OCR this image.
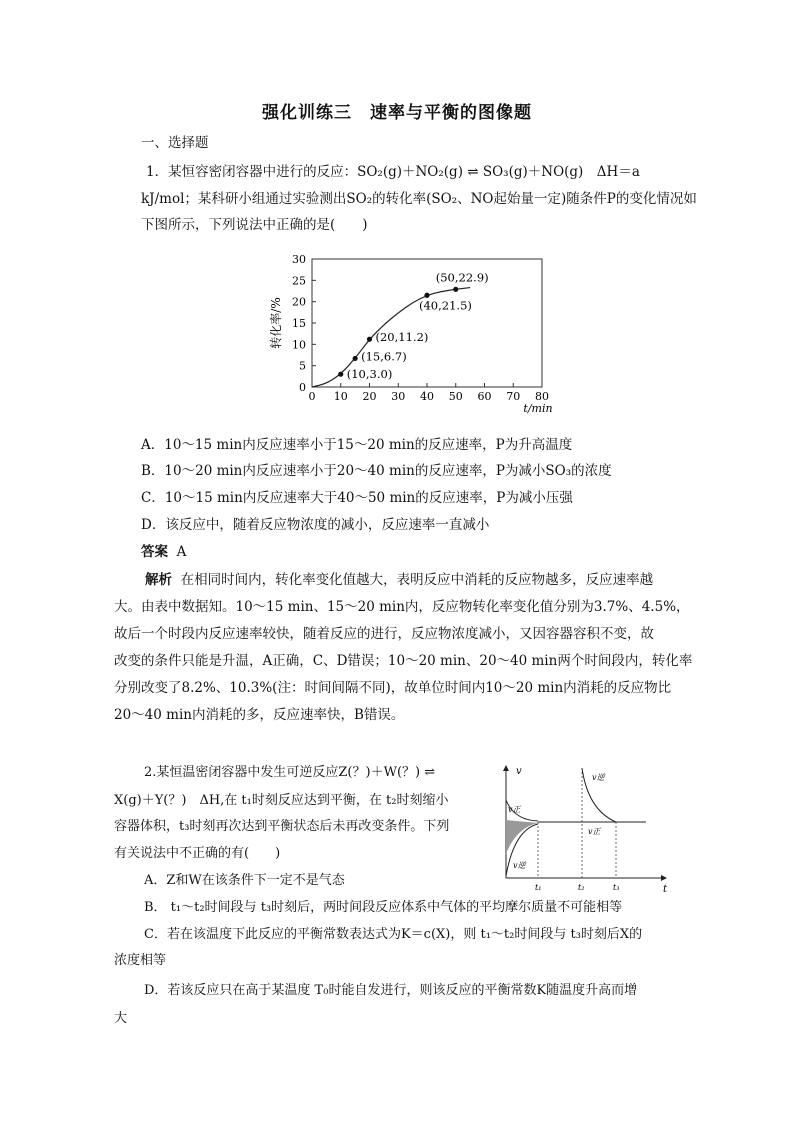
强化训练三　速率与平衡的图像题
一、选择题
1．某恒容密闭容器中进行的反应：SO₂(g)＋NO₂(g) ⇌ SO₃(g)＋NO(g)　ΔH＝a
kJ/mol；某科研小组通过实验测出SO₂的转化率(SO₂、NO起始量一定)随条件P的变化情况如
下图所示，下列说法中正确的是(　　)
0
5
10
15
20
25
30
0 10 20 30 40 50 60 70 80
t/min
转化率/%
(10,3.0)
(15,6.7)
(20,11.2)
(40,21.5)
(50,22.9)
A．10～15 min内反应速率小于15～20 min的反应速率，P为升高温度
B．10～20 min内反应速率小于20～40 min的反应速率，P为减小SO₃的浓度
C．10～15 min内反应速率大于40～50 min的反应速率，P为减小压强
D．该反应中，随着反应物浓度的减小，反应速率一直减小
答案 A
解析 在相同时间内，转化率变化值越大，表明反应中消耗的反应物越多，反应速率越
大。由表中数据知。10～15 min、15～20 min内，反应物转化率变化值分别为3.7%、4.5%，
故后一个时段内反应速率较快，随着反应的进行，反应物浓度减小，又因容器容积不变，故
改变的条件只能是升温，A正确，C、D错误；10～20 min、20～40 min两个时间段内，转化率
分别改变了8.2%、10.3%(注：时间间隔不同)，故单位时间内10～20 min内消耗的反应物比
20～40 min内消耗的多，反应速率快，B错误。
2.某恒温密闭容器中发生可逆反应Z(？)＋W(？) ⇌
X(g)＋Y(？)　ΔH,在 t₁时刻反应达到平衡，在 t₂时刻缩小
容器体积，t₃时刻再次达到平衡状态后未再改变条件。下列
有关说法中不正确的有(　　)
A．Z和W在该条件下一定不是气态
B． t₁～t₂时间段与 t₃时刻后，两时间段反应体系中气体的平均摩尔质量不可能相等
C．若在该温度下此反应的平衡常数表达式为K＝c(X)，则 t₁～t₂时间段与 t₃时刻后X的
浓度相等
D．若该反应只在高于某温度 T₀时能自发进行，则该反应的平衡常数K随温度升高而增
大
v
t
v正
v逆
v逆
v正
t₁	t₂	t₃
